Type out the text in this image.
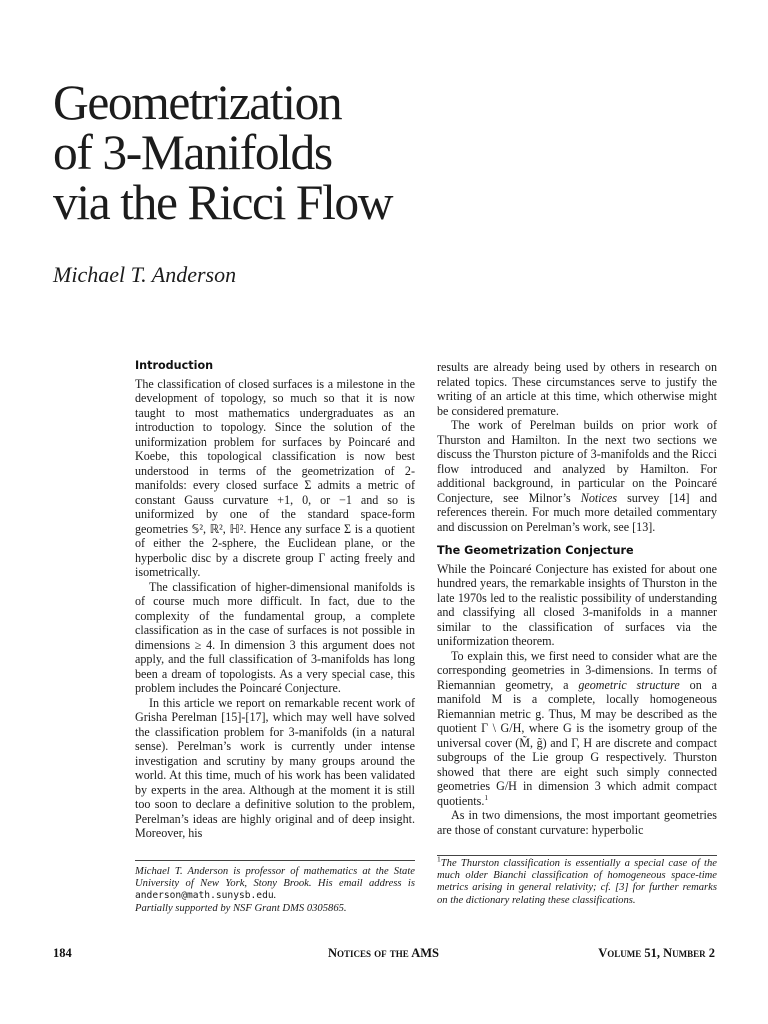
Geometrization
of 3-Manifolds
via the Ricci Flow
Michael T. Anderson
Introduction

The classification of closed surfaces is a milestone in the development of topology, so much so that it is now taught to most mathematics undergraduates as an introduction to topology. Since the solution of the uniformization problem for surfaces by Poincaré and Koebe, this topological classification is now best understood in terms of the geometrization of 2-manifolds: every closed surface Σ admits a metric of constant Gauss curvature +1, 0, or −1 and so is uniformized by one of the standard space-form geometries 𝕊², ℝ², ℍ². Hence any surface Σ is a quotient of either the 2-sphere, the Euclidean plane, or the hyperbolic disc by a discrete group Γ acting freely and isometrically.

The classification of higher-dimensional manifolds is of course much more difficult. In fact, due to the complexity of the fundamental group, a complete classification as in the case of surfaces is not possible in dimensions ≥ 4. In dimension 3 this argument does not apply, and the full classification of 3-manifolds has long been a dream of topologists. As a very special case, this problem includes the Poincaré Conjecture.

In this article we report on remarkable recent work of Grisha Perelman [15]-[17], which may well have solved the classification problem for 3-manifolds (in a natural sense). Perelman’s work is currently under intense investigation and scrutiny by many groups around the world. At this time, much of his work has been validated by experts in the area. Although at the moment it is still too soon to declare a definitive solution to the problem, Perelman’s ideas are highly original and of deep insight. Moreover, his

results are already being used by others in research on related topics. These circumstances serve to justify the writing of an article at this time, which otherwise might be considered premature.

The work of Perelman builds on prior work of Thurston and Hamilton. In the next two sections we discuss the Thurston picture of 3-manifolds and the Ricci flow introduced and analyzed by Hamilton. For additional background, in particular on the Poincaré Conjecture, see Milnor’s Notices survey [14] and references therein. For much more detailed commentary and discussion on Perelman’s work, see [13].

The Geometrization Conjecture

While the Poincaré Conjecture has existed for about one hundred years, the remarkable insights of Thurston in the late 1970s led to the realistic possibility of understanding and classifying all closed 3-manifolds in a manner similar to the classification of surfaces via the uniformization theorem.

To explain this, we first need to consider what are the corresponding geometries in 3-dimensions. In terms of Riemannian geometry, a geometric structure on a manifold M is a complete, locally homogeneous Riemannian metric g. Thus, M may be described as the quotient Γ \ G/H, where G is the isometry group of the universal cover (M̃, g̃) and Γ, H are discrete and compact subgroups of the Lie group G respectively. Thurston showed that there are eight such simply connected geometries G/H in dimension 3 which admit compact quotients.$^1$

As in two dimensions, the most important geometries are those of constant curvature: hyperbolic

Michael T. Anderson is professor of mathematics at the State University of New York, Stony Brook. His email address is anderson@math.sunysb.edu.

Partially supported by NSF Grant DMS 0305865.

$^1$The Thurston classification is essentially a special case of the much older Bianchi classification of homogeneous space-time metrics arising in general relativity; cf. [3] for further remarks on the dictionary relating these classifications.

184	Notices of the AMS	Volume 51, Number 2
